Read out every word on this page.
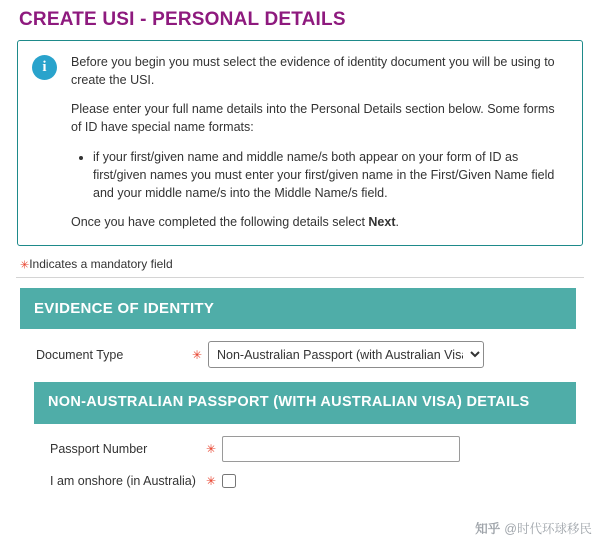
CREATE USI - PERSONAL DETAILS
i	Before you begin you must select the evidence of identity document you will be using to create the USI.

Please enter your full name details into the Personal Details section below. Some forms of ID have special name formats:

• if your first/given name and middle name/s both appear on your form of ID as first/given names you must enter your first/given name in the First/Given Name field and your middle name/s into the Middle Name/s field.

Once you have completed the following details select Next.

✳Indicates a mandatory field
EVIDENCE OF IDENTITY
Document Type	✳
Non-Australian Passport (with Australian Visa)
NON-AUSTRALIAN PASSPORT (WITH AUSTRALIAN VISA) DETAILS
Passport Number	✳
I am onshore (in Australia) ✳
知乎 @时代环球移民
